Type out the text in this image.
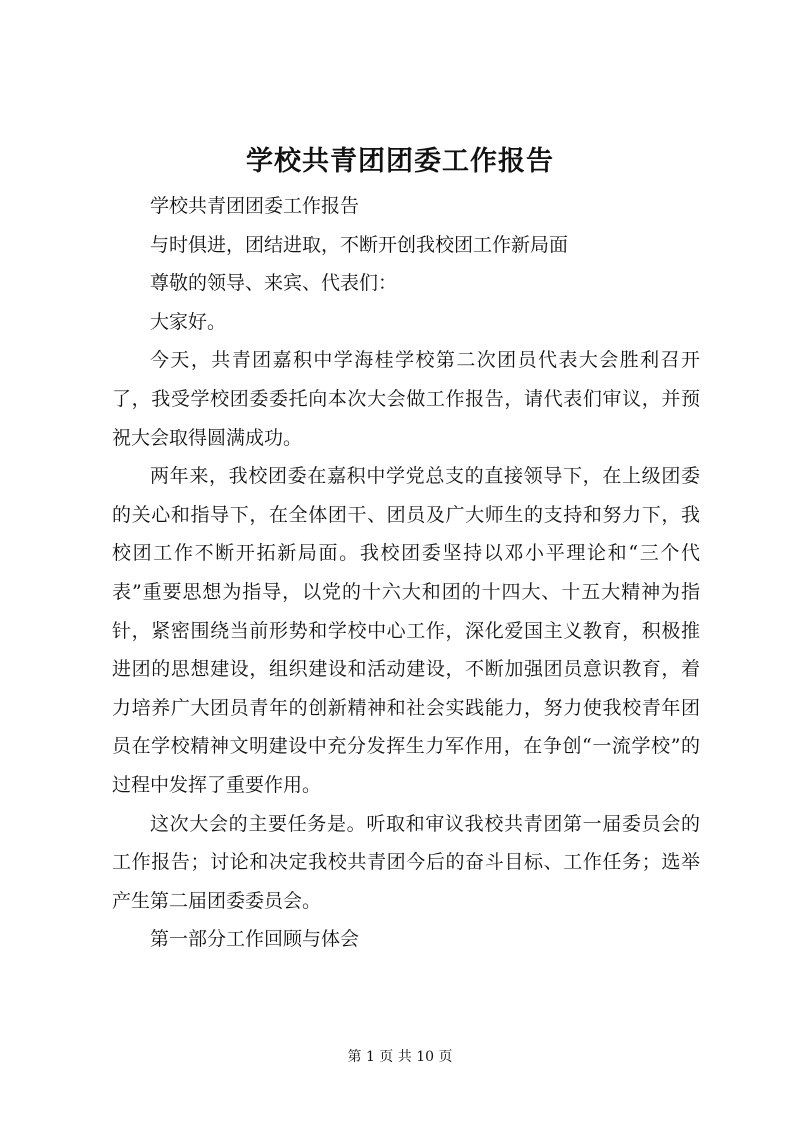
学校共青团团委工作报告

学校共青团团委工作报告

与时俱进，团结进取，不断开创我校团工作新局面

尊敬的领导、来宾、代表们：

大家好。

今天，共青团嘉积中学海桂学校第二次团员代表大会胜利召开了，我受学校团委委托向本次大会做工作报告，请代表们审议，并预祝大会取得圆满成功。

两年来，我校团委在嘉积中学党总支的直接领导下，在上级团委的关心和指导下，在全体团干、团员及广大师生的支持和努力下，我校团工作不断开拓新局面。我校团委坚持以邓小平理论和“三个代表”重要思想为指导，以党的十六大和团的十四大、十五大精神为指针，紧密围绕当前形势和学校中心工作，深化爱国主义教育，积极推进团的思想建设，组织建设和活动建设，不断加强团员意识教育，着力培养广大团员青年的创新精神和社会实践能力，努力使我校青年团员在学校精神文明建设中充分发挥生力军作用，在争创“一流学校”的过程中发挥了重要作用。

这次大会的主要任务是。听取和审议我校共青团第一届委员会的工作报告；讨论和决定我校共青团今后的奋斗目标、工作任务；选举产生第二届团委委员会。

第一部分工作回顾与体会

第 1 页 共 10 页
